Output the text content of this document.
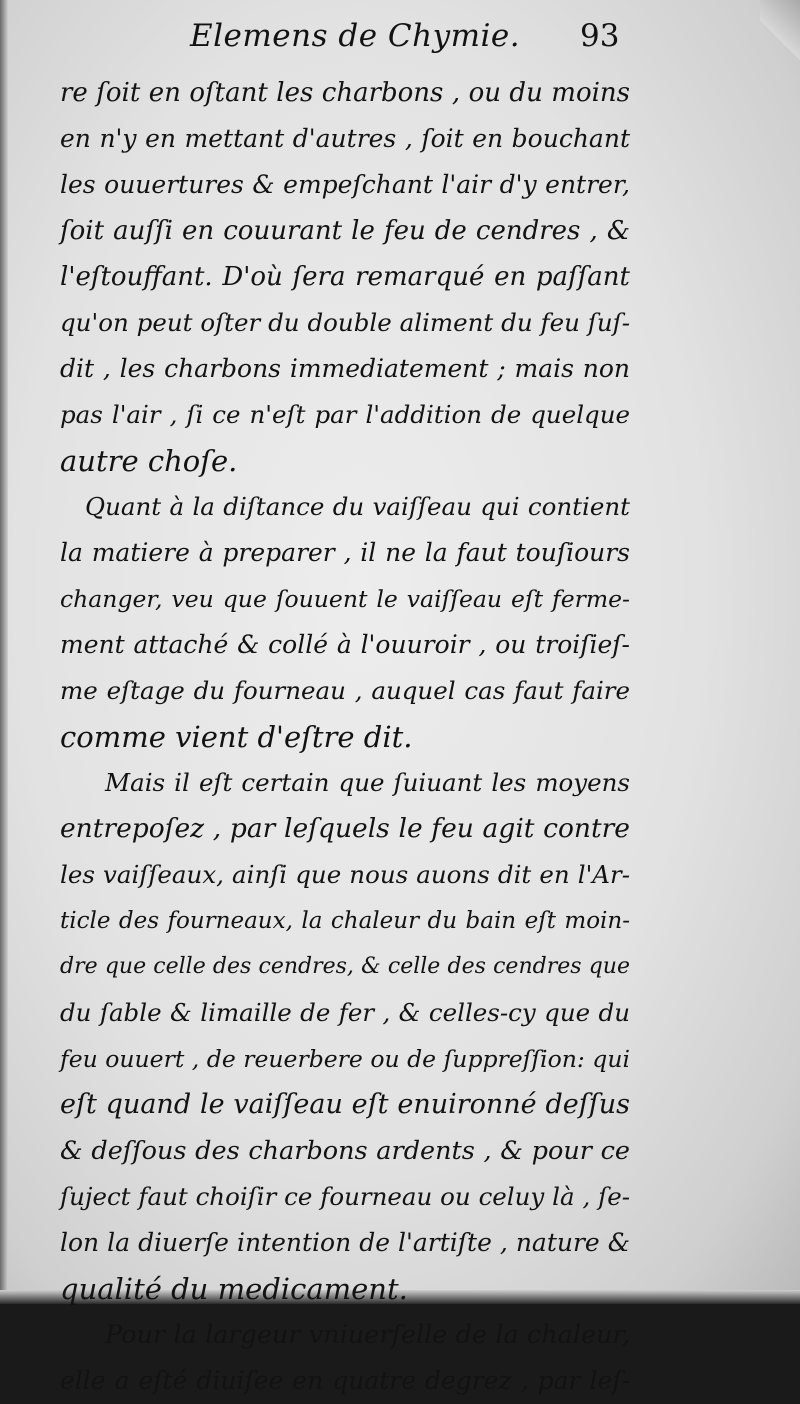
Elemens de Chymie. 93
re ſoit en oſtant les charbons , ou du moins
en n'y en mettant d'autres , ſoit en bouchant
les ouuertures & empeſchant l'air d'y entrer,
ſoit auſſi en couurant le feu de cendres , &
l'eſtouffant. D'où ſera remarqué en paſſant
qu'on peut oſter du double aliment du feu ſuſ-
dit , les charbons immediatement ; mais non
pas l'air , ſi ce n'eſt par l'addition de quelque
autre choſe.
Quant à la diſtance du vaiſſeau qui contient
la matiere à preparer , il ne la faut touſiours
changer, veu que ſouuent le vaiſſeau eſt ferme-
ment attaché & collé à l'ouuroir , ou troiſieſ-
me eſtage du fourneau , auquel cas faut faire
comme vient d'eſtre dit.
Mais il eſt certain que ſuiuant les moyens
entrepoſez , par leſquels le feu agit contre
les vaiſſeaux, ainſi que nous auons dit en l'Ar-
ticle des fourneaux, la chaleur du bain eſt moin-
dre que celle des cendres, & celle des cendres que
du ſable & limaille de fer , & celles-cy que du
feu ouuert , de reuerbere ou de ſuppreſſion: qui
eſt quand le vaiſſeau eſt enuironné deſſus
& deſſous des charbons ardents , & pour ce
ſuject faut choiſir ce fourneau ou celuy là , ſe-
lon la diuerſe intention de l'artiſte , nature &
qualité du medicament.
Pour la largeur vniuerſelle de la chaleur,
elle a eſté diuiſee en quatre degrez , par leſ-
